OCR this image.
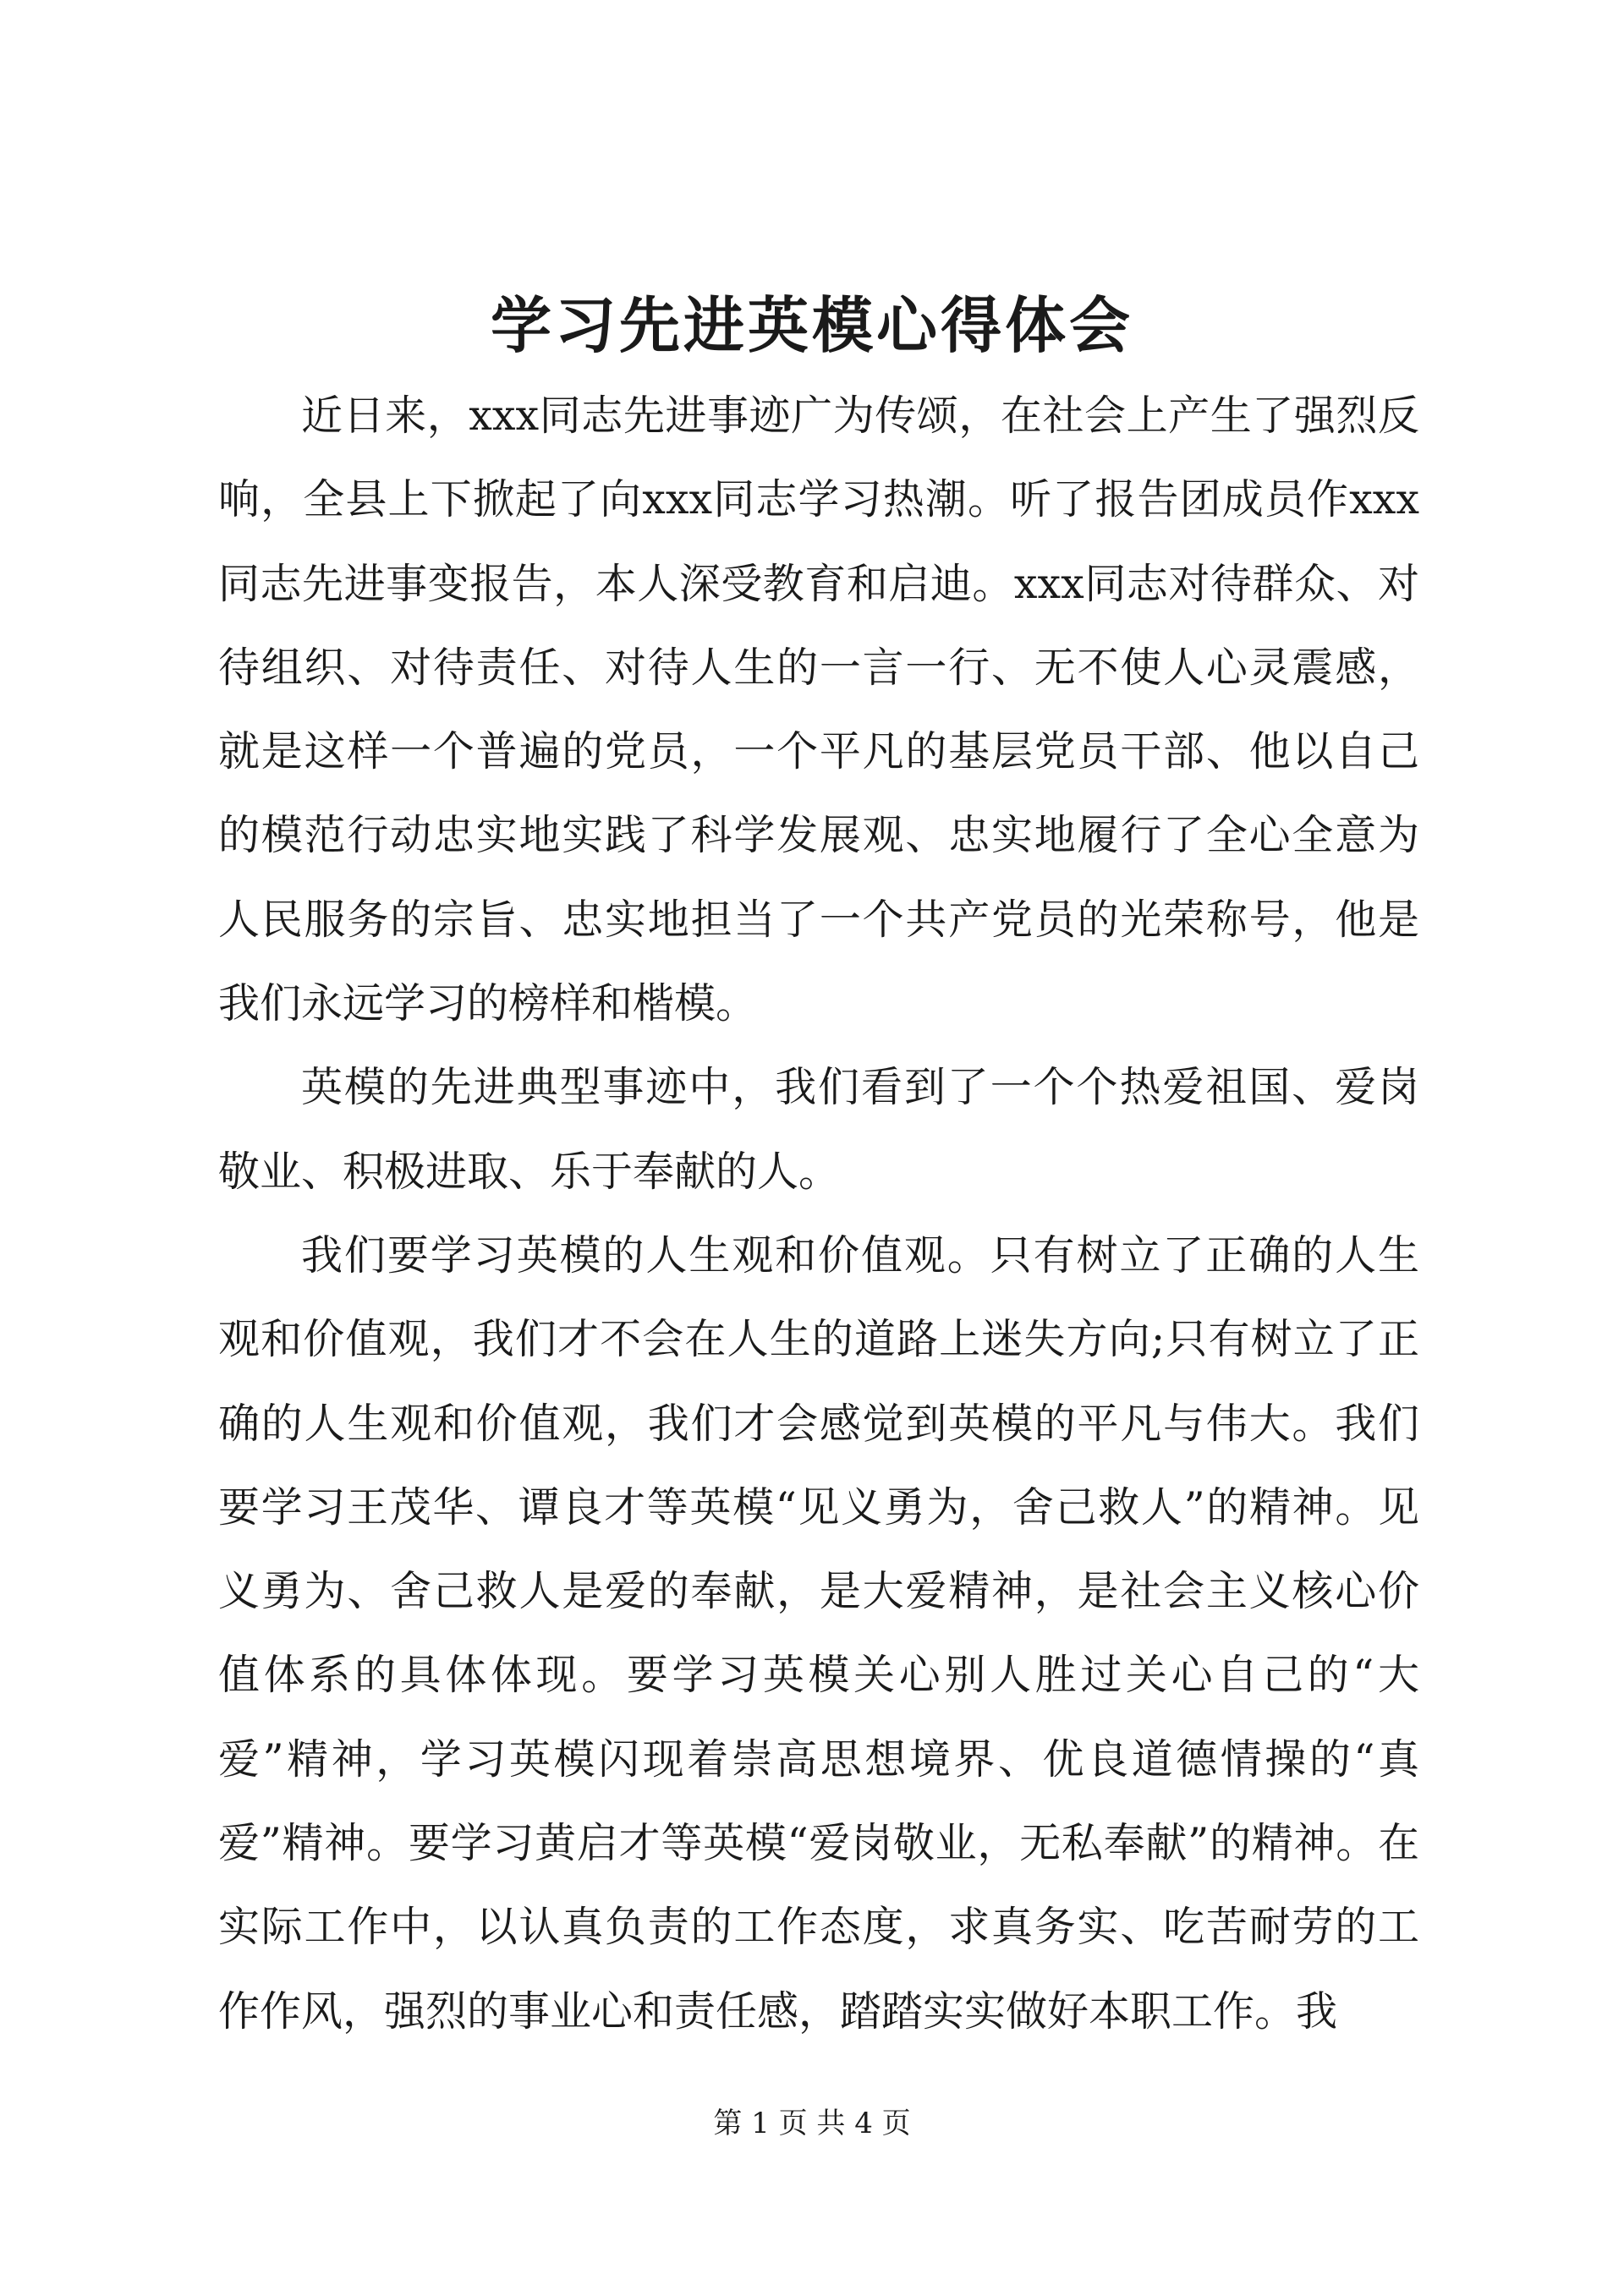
学习先进英模心得体会

近日来，xxx同志先进事迹广为传颂，在社会上产生了强烈反响，全县上下掀起了向xxx同志学习热潮。听了报告团成员作xxx同志先进事变报告，本人深受教育和启迪。xxx同志对待群众、对待组织、对待责任、对待人生的一言一行、无不使人心灵震感，就是这样一个普遍的党员，一个平凡的基层党员干部、他以自己的模范行动忠实地实践了科学发展观、忠实地履行了全心全意为人民服务的宗旨、忠实地担当了一个共产党员的光荣称号，他是我们永远学习的榜样和楷模。

英模的先进典型事迹中，我们看到了一个个热爱祖国、爱岗敬业、积极进取、乐于奉献的人。

我们要学习英模的人生观和价值观。只有树立了正确的人生观和价值观，我们才不会在人生的道路上迷失方向;只有树立了正确的人生观和价值观，我们才会感觉到英模的平凡与伟大。我们要学习王茂华、谭良才等英模“见义勇为，舍己救人”的精神。见义勇为、舍己救人是爱的奉献，是大爱精神，是社会主义核心价值体系的具体体现。要学习英模关心别人胜过关心自己的“大爱”精神，学习英模闪现着崇高思想境界、优良道德情操的“真爱”精神。要学习黄启才等英模“爱岗敬业，无私奉献”的精神。在实际工作中，以认真负责的工作态度，求真务实、吃苦耐劳的工作作风，强烈的事业心和责任感，踏踏实实做好本职工作。我

第 1 页 共 4 页
